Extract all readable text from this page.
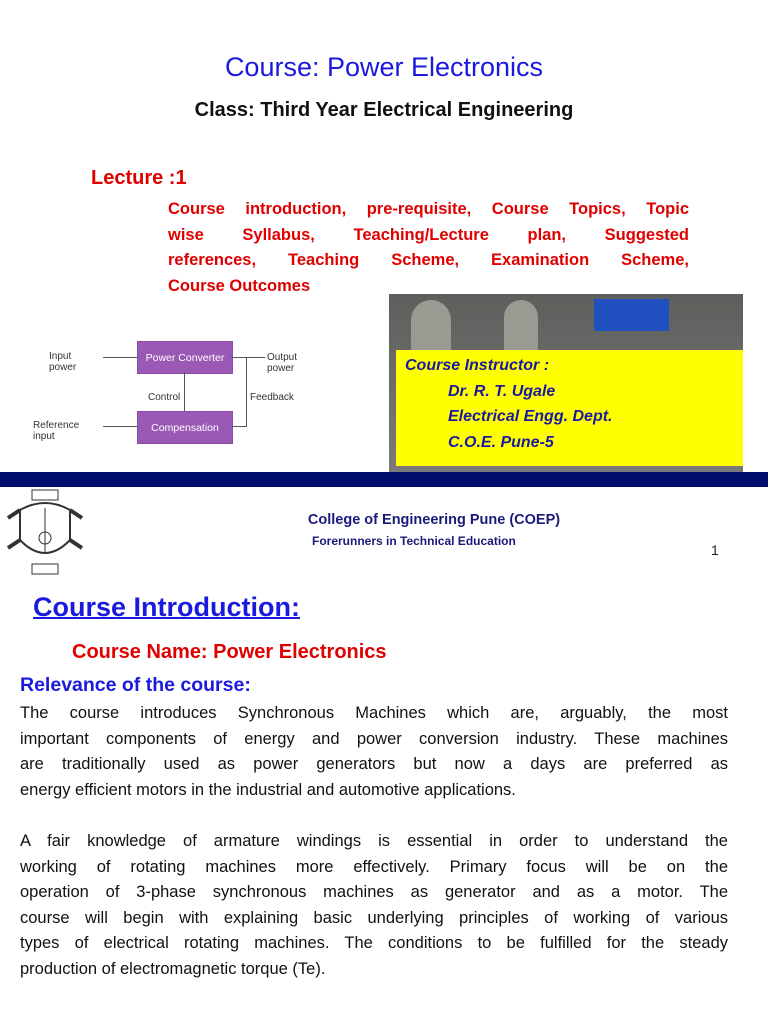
Course: Power Electronics
Class: Third Year Electrical Engineering
Lecture :1
Course introduction, pre-requisite, Course Topics, Topic
wise Syllabus, Teaching/Lecture plan, Suggested
references, Teaching Scheme, Examination Scheme,
Course Outcomes
Power Converter
Compensation
Input power
Output power
Reference input
Control	Feedback
Course Instructor :
Dr. R. T. Ugale
Electrical Engg. Dept.
C.O.E. Pune-5
College of Engineering Pune (COEP)
Forerunners in Technical Education
1
Course Introduction:
Course Name: Power Electronics
Relevance of the course:
The course introduces Synchronous Machines which are, arguably, the most
important components of energy and power conversion industry. These machines
are traditionally used as power generators but now a days are preferred as
energy efficient motors in the industrial and automotive applications.
A fair knowledge of armature windings is essential in order to understand the
working of rotating machines more effectively. Primary focus will be on the
operation of 3-phase synchronous machines as generator and as a motor. The
course will begin with explaining basic underlying principles of working of various
types of electrical rotating machines. The conditions to be fulfilled for the steady
production of electromagnetic torque (Te).
